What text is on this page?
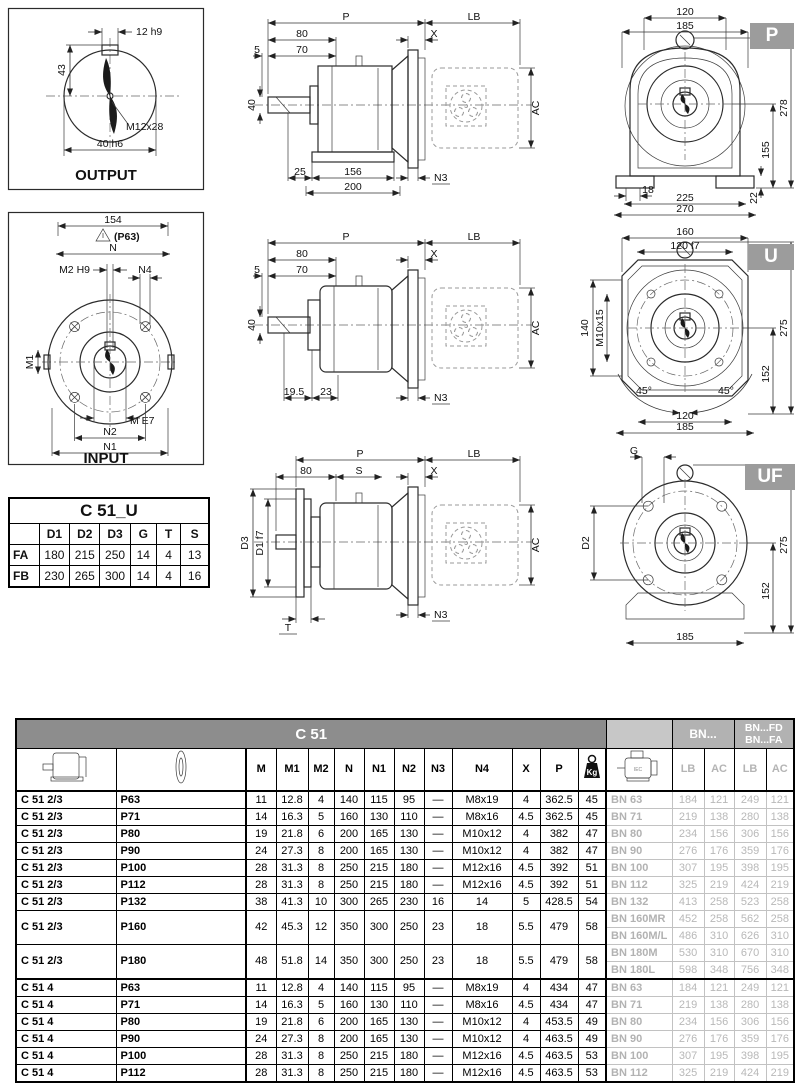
12 h9
43
M12x28
40 h6
OUTPUT
154
(P63)
N
M2 H9	N4
M1
M E7
N2
N1
INPUT
P	LB
80	X
5	70
40	AC
25	156
200
N3
P	LB
80	X
5	70
40	AC
19.5 23	N3
P	LB
80	S	X
D1 f7
D3	AC
T
N3
120
185
278
155
18
22
225
270
160
120 f7
140 M10x15	275
152
45°	45°
120
185
G
D2	275
152
185
P
U
UF
C 51_U						
	D1	D2	D3	G	T	S
FA	180	215	250	14	4	13
FB	230	265	300	14	4	16
C 51														BN...		BN...FD
BN...FA	

		M	M1	M2	N	N1	N2	N3	N4	X	P	Kg	IEC	LB	AC	LB	AC
C 51 2/3	P63	11	12.8	4	140	115	95	—	M8x19	4	362.5	45	BN 63	184	121	249	121
C 51 2/3	P71	14	16.3	5	160	130	110	—	M8x16	4.5	362.5	45	BN 71	219	138	280	138
C 51 2/3	P80	19	21.8	6	200	165	130	—	M10x12	4	382	47	BN 80	234	156	306	156
C 51 2/3	P90	24	27.3	8	200	165	130	—	M10x12	4	382	47	BN 90	276	176	359	176
C 51 2/3	P100	28	31.3	8	250	215	180	—	M12x16	4.5	392	51	BN 100	307	195	398	195
C 51 2/3	P112	28	31.3	8	250	215	180	—	M12x16	4.5	392	51	BN 112	325	219	424	219
C 51 2/3	P132	38	41.3	10	300	265	230	16	14	5	428.5	54	BN 132	413	258	523	258
C 51 2/3	P160	42	45.3	12	350	300	250	23	18	5.5	479	58	BN 160MR	452	258	562	258
													BN 160M/L	486	310	626	310
C 51 2/3	P180	48	51.8	14	350	300	250	23	18	5.5	479	58	BN 180M	530	310	670	310
													BN 180L	598	348	756	348
C 51 4	P63	11	12.8	4	140	115	95	—	M8x19	4	434	47	BN 63	184	121	249	121
C 51 4	P71	14	16.3	5	160	130	110	—	M8x16	4.5	434	47	BN 71	219	138	280	138
C 51 4	P80	19	21.8	6	200	165	130	—	M10x12	4	453.5	49	BN 80	234	156	306	156
C 51 4	P90	24	27.3	8	200	165	130	—	M10x12	4	463.5	49	BN 90	276	176	359	176
C 51 4	P100	28	31.3	8	250	215	180	—	M12x16	4.5	463.5	53	BN 100	307	195	398	195
C 51 4	P112	28	31.3	8	250	215	180	—	M12x16	4.5	463.5	53	BN 112	325	219	424	219
